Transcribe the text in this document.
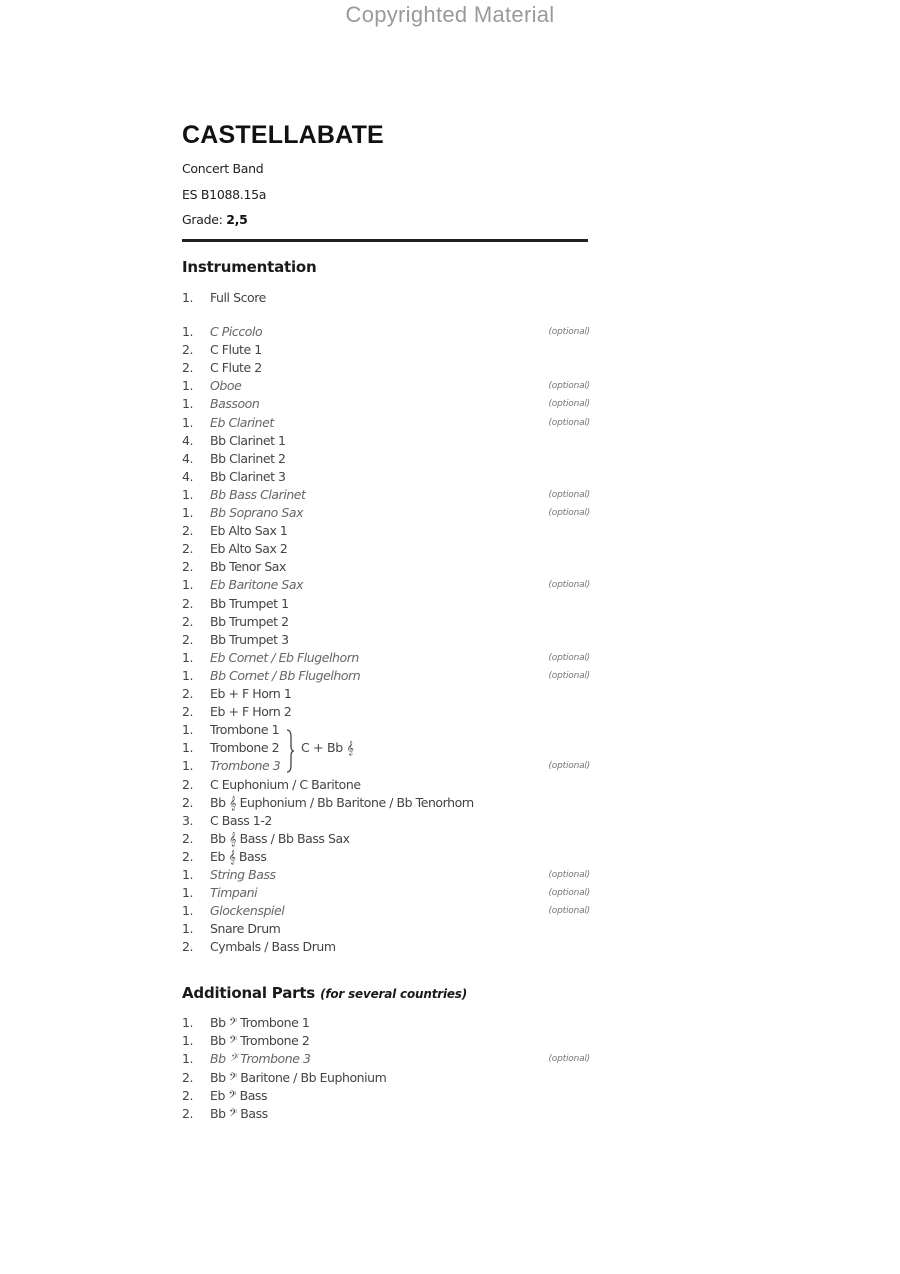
Copyrighted Material
CASTELLABATE
Concert Band
ES B1088.15a
Grade: 2,5
Instrumentation
1.	Full Score
1.	C Piccolo	(optional)
2.	C Flute 1
2.	C Flute 2
1.	Oboe	(optional)
1.	Bassoon	(optional)
1.	Eb Clarinet	(optional)
4.	Bb Clarinet 1
4.	Bb Clarinet 2
4.	Bb Clarinet 3
1.	Bb Bass Clarinet	(optional)
1.	Bb Soprano Sax	(optional)
2.	Eb Alto Sax 1
2.	Eb Alto Sax 2
2.	Bb Tenor Sax
1.	Eb Baritone Sax	(optional)
2.	Bb Trumpet 1
2.	Bb Trumpet 2
2.	Bb Trumpet 3
1.	Eb Cornet / Eb Flugelhorn	(optional)
1.	Bb Cornet / Bb Flugelhorn	(optional)
2.	Eb + F Horn 1
2.	Eb + F Horn 2
1.	Trombone 1
1.	Trombone 2
1.	Trombone 3	(optional)
2.	C Euphonium / C Baritone
2.	Bb 𝄞 Euphonium / Bb Baritone / Bb Tenorhorn
3.	C Bass 1-2
2.	Bb 𝄞 Bass / Bb Bass Sax
2.	Eb 𝄞 Bass
1.	String Bass	(optional)
1.	Timpani	(optional)
1.	Glockenspiel	(optional)
1.	Snare Drum
2.	Cymbals / Bass Drum
C + Bb 𝄞
Additional Parts (for several countries)
1.	Bb 𝄢 Trombone 1
1.	Bb 𝄢 Trombone 2
1.	Bb 𝄢 Trombone 3	(optional)
2.	Bb 𝄢 Baritone / Bb Euphonium
2.	Eb 𝄢 Bass
2.	Bb 𝄢 Bass
